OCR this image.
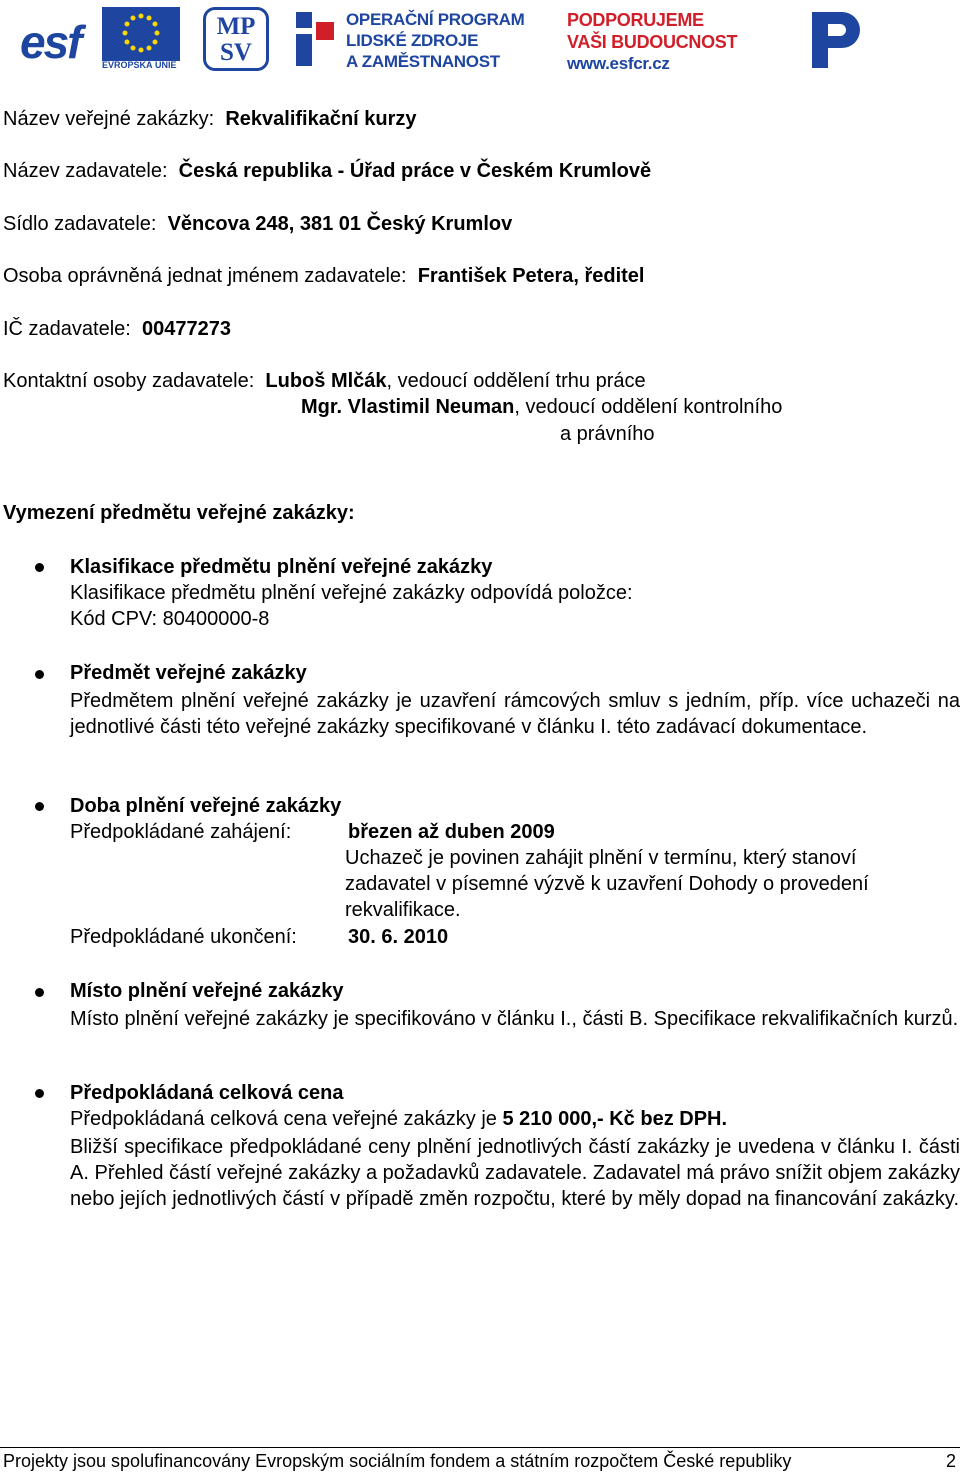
esf EVROPSKÁ UNIE
MP
SV
OPERAČNÍ PROGRAM
LIDSKÉ ZDROJE
A ZAMĚSTNANOST
PODPORUJEME
VAŠI BUDOUCNOST
www.esfcr.cz
Název veřejné zakázky: Rekvalifikační kurzy
Název zadavatele: Česká republika - Úřad práce v Českém Krumlově
Sídlo zadavatele: Věncova 248, 381 01 Český Krumlov
Osoba oprávněná jednat jménem zadavatele: František Petera, ředitel
IČ zadavatele: 00477273
Kontaktní osoby zadavatele: Luboš Mlčák, vedoucí oddělení trhu práce
Mgr. Vlastimil Neuman, vedoucí oddělení kontrolního
a právního
Vymezení předmětu veřejné zakázky:
Klasifikace předmětu plnění veřejné zakázky
Klasifikace předmětu plnění veřejné zakázky odpovídá položce:
Kód CPV: 80400000-8
Předmět veřejné zakázky
Předmětem plnění veřejné zakázky je uzavření rámcových smluv s jedním, příp. více uchazeči na jednotlivé části této veřejné zakázky specifikované v článku I. této zadávací dokumentace.
Doba plnění veřejné zakázky
Předpokládané zahájení:	březen až duben 2009
Uchazeč je povinen zahájit plnění v termínu, který stanoví
zadavatel v písemné výzvě k uzavření Dohody o provedení
rekvalifikace.
Předpokládané ukončení:	30. 6. 2010
Místo plnění veřejné zakázky
Místo plnění veřejné zakázky je specifikováno v článku I., části B. Specifikace rekvalifikačních kurzů.
Předpokládaná celková cena
Předpokládaná celková cena veřejné zakázky je 5 210 000,- Kč bez DPH.
Bližší specifikace předpokládané ceny plnění jednotlivých částí zakázky je uvedena v článku I. části A. Přehled částí veřejné zakázky a požadavků zadavatele. Zadavatel má právo snížit objem zakázky nebo jejích jednotlivých částí v případě změn rozpočtu, které by měly dopad na financování zakázky.
Projekty jsou spolufinancovány Evropským sociálním fondem a státním rozpočtem České republiky	2
